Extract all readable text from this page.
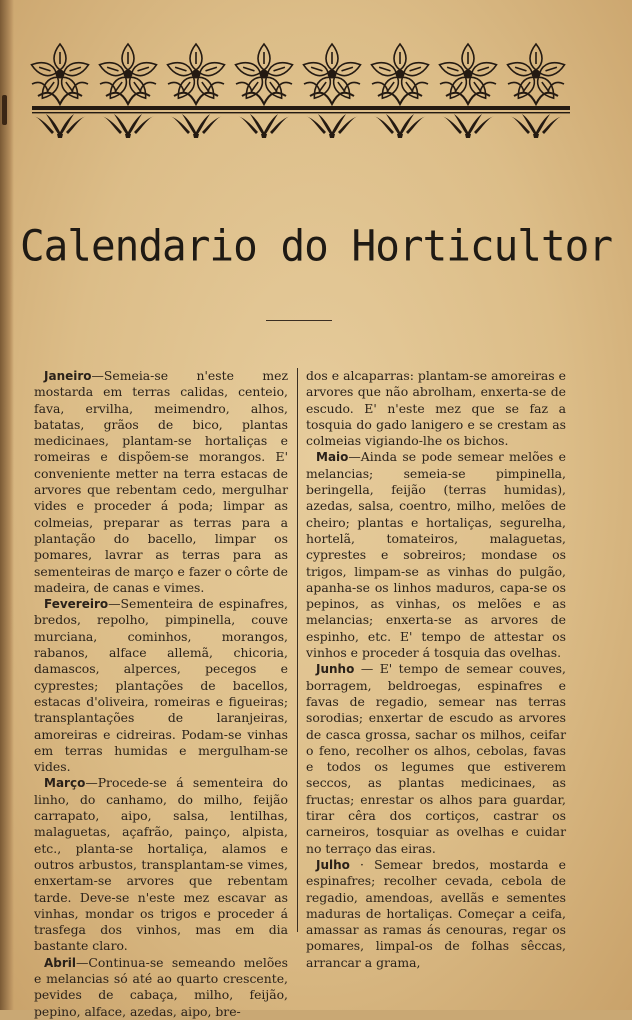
Calendario do Horticultor

Janeiro—Semeia-se n'este mez mostarda em terras calidas, centeio, fava, ervilha, meimendro, alhos, batatas, grãos de bico, plantas medicinaes, plantam-se hortaliças e romeiras e dispõem-se morangos. E' conveniente metter na terra estacas de arvores que rebentam cedo, mergulhar vides e proceder á poda; limpar as colmeias, preparar as terras para a plantação do bacello, limpar os pomares, lavrar as terras para as sementeiras de março e fazer o côrte de madeira, de canas e vimes.

Fevereiro—Sementeira de espinafres, bredos, repolho, pimpinella, couve murciana, cominhos, morangos, rabanos, alface allemã, chicoria, damascos, alperces, pecegos e cyprestes; plantações de bacellos, estacas d'oliveira, romeiras e figueiras; transplantações de laranjeiras, amoreiras e cidreiras. Podam-se vinhas em terras humidas e mergulham-se vides.

Março—Procede-se á sementeira do linho, do canhamo, do milho, feijão carrapato, aipo, salsa, lentilhas, malaguetas, açafrão, painço, alpista, etc., planta-se hortaliça, alamos e outros arbustos, transplantam-se vimes, enxertam-se arvores que rebentam tarde. Deve-se n'este mez escavar as vinhas, mondar os trigos e proceder á trasfega dos vinhos, mas em dia bastante claro.

Abril—Continua-se semeando melões e melancias só até ao quarto crescente, pevides de cabaça, milho, feijão, pepino, alface, azedas, aipo, bre-

dos e alcaparras: plantam-se amoreiras e arvores que não abrolham, enxerta-se de escudo. E' n'este mez que se faz a tosquia do gado lanigero e se crestam as colmeias vigiando-lhe os bichos.

Maio—Ainda se pode semear melões e melancias; semeia-se pimpinella, beringella, feijão (terras humidas), azedas, salsa, coentro, milho, melões de cheiro; plantas e hortaliças, segurelha, hortelã, tomateiros, malaguetas, cyprestes e sobreiros; mondase os trigos, limpam-se as vinhas do pulgão, apanha-se os linhos maduros, capa-se os pepinos, as vinhas, os melões e as melancias; enxerta-se as arvores de espinho, etc. E' tempo de attestar os vinhos e proceder á tosquia das ovelhas.

Junho — E' tempo de semear couves, borragem, beldroegas, espinafres e favas de regadio, semear nas terras sorodias; enxertar de escudo as arvores de casca grossa, sachar os milhos, ceifar o feno, recolher os alhos, cebolas, favas e todos os legumes que estiverem seccos, as plantas medicinaes, as fructas; enrestar os alhos para guardar, tirar cêra dos cortiços, castrar os carneiros, tosquiar as ovelhas e cuidar no terraço das eiras.

Julho · Semear bredos, mostarda e espinafres; recolher cevada, cebola de regadio, amendoas, avellãs e sementes maduras de hortaliças. Começar a ceifa, amassar as ramas ás cenouras, regar os pomares, limpal-os de folhas sêccas, arrancar a grama,
